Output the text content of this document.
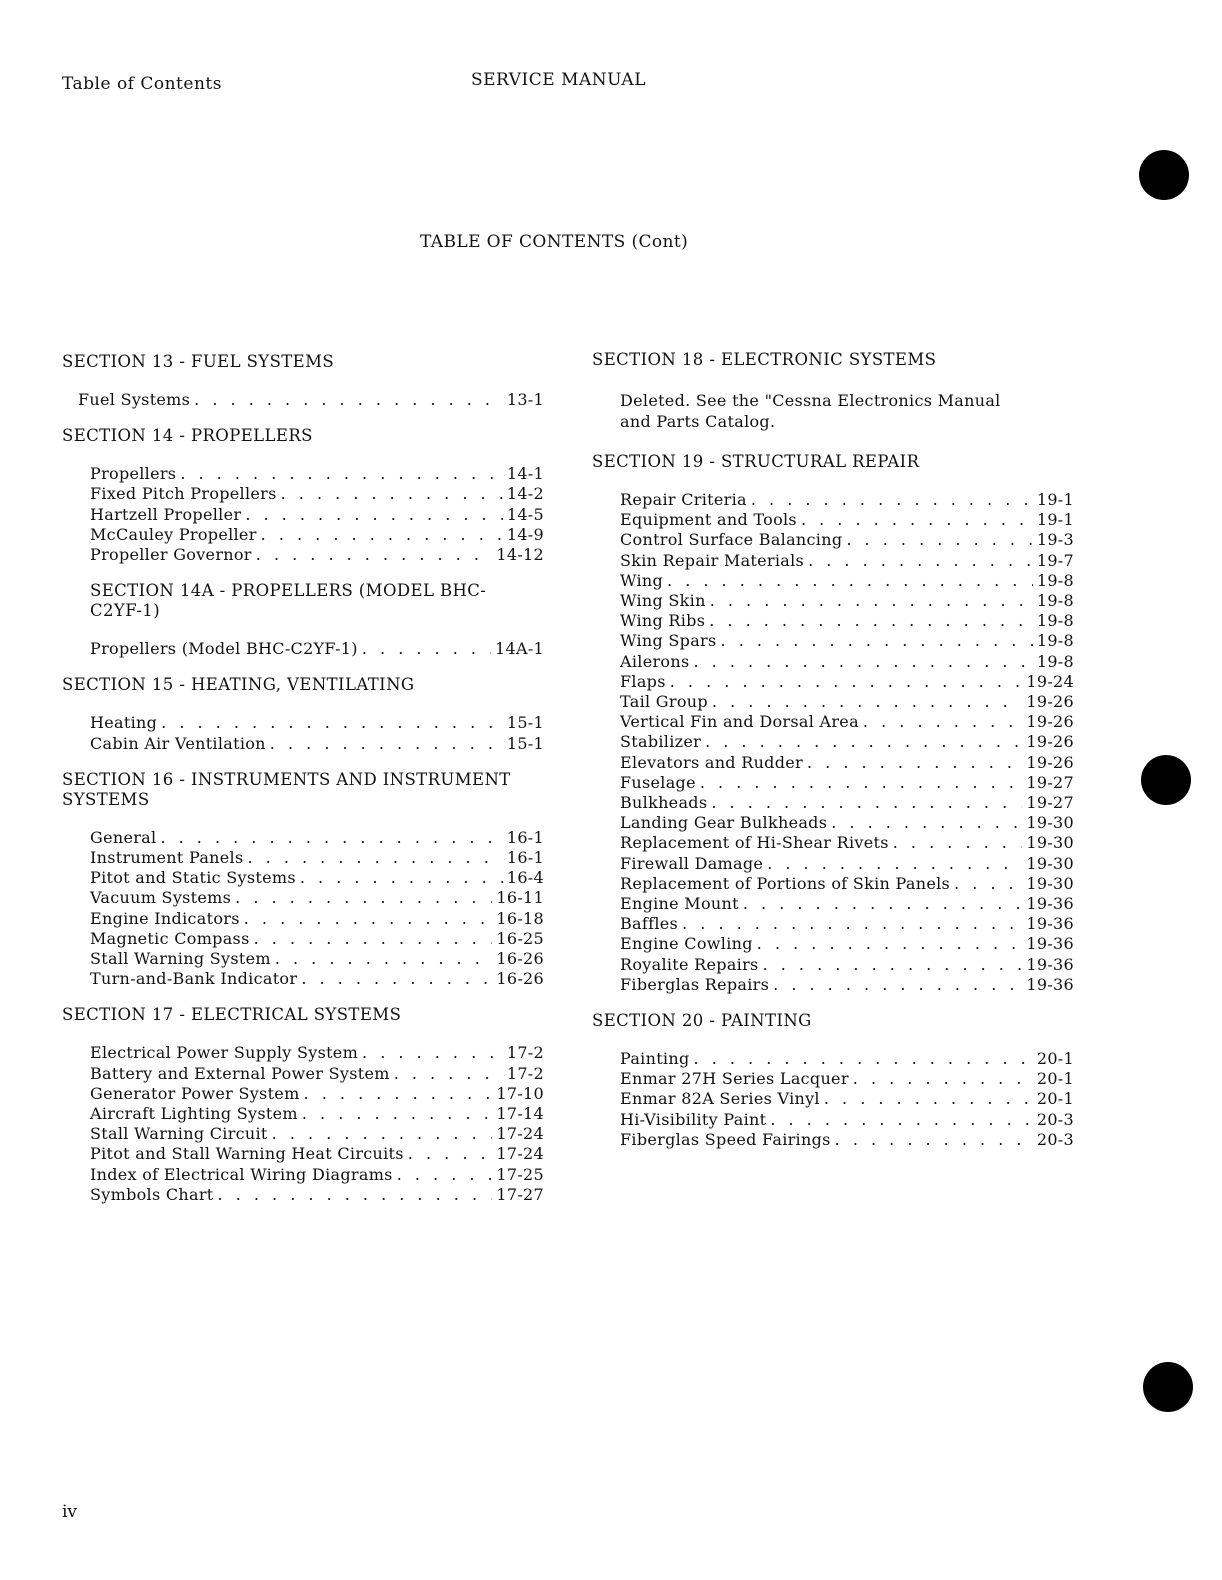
Table of Contents	SERVICE MANUAL
TABLE OF CONTENTS (Cont)
SECTION 13 - FUEL SYSTEMS
Fuel Systems . . .	13-1
SECTION 14 - PROPELLERS
Propellers . . .	14-1
Fixed Pitch Propellers . . .	14-2
Hartzell Propeller . . .	14-5
McCauley Propeller . . .	14-9
Propeller Governor . . .	14-12
SECTION 14A - PROPELLERS (MODEL BHC-
C2YF-1)
Propellers (Model BHC-C2YF-1) . . .	14A-1
SECTION 15 - HEATING, VENTILATING
Heating . . .	15-1
Cabin Air Ventilation . . .	15-1
SECTION 16 - INSTRUMENTS AND INSTRUMENT
SYSTEMS
General . . .	16-1
Instrument Panels . . .	16-1
Pitot and Static Systems . . .	16-4
Vacuum Systems . . .	16-11
Engine Indicators . . .	16-18
Magnetic Compass . . .	16-25
Stall Warning System . . .	16-26
Turn-and-Bank Indicator . . .	16-26
SECTION 17 - ELECTRICAL SYSTEMS
Electrical Power Supply System . . .	17-2
Battery and External Power System . . .	17-2
Generator Power System . . .	17-10
Aircraft Lighting System . . .	17-14
Stall Warning Circuit . . .	17-24
Pitot and Stall Warning Heat Circuits . . .	17-24
Index of Electrical Wiring Diagrams . . .	17-25
Symbols Chart . . .	17-27
SECTION 18 - ELECTRONIC SYSTEMS
Deleted. See the "Cessna Electronics Manual
and Parts Catalog.
SECTION 19 - STRUCTURAL REPAIR
Repair Criteria . . .	19-1
Equipment and Tools . . .	19-1
Control Surface Balancing . . .	19-3
Skin Repair Materials . . .	19-7
Wing . . .	19-8
Wing Skin . . .	19-8
Wing Ribs . . .	19-8
Wing Spars . . .	19-8
Ailerons . . .	19-8
Flaps . . .	19-24
Tail Group . . .	19-26
Vertical Fin and Dorsal Area . . .	19-26
Stabilizer . . .	19-26
Elevators and Rudder . . .	19-26
Fuselage . . .	19-27
Bulkheads . . .	19-27
Landing Gear Bulkheads . . .	19-30
Replacement of Hi-Shear Rivets . . .	19-30
Firewall Damage . . .	19-30
Replacement of Portions of Skin Panels . . .	19-30
Engine Mount . . .	19-36
Baffles . . .	19-36
Engine Cowling . . .	19-36
Royalite Repairs . . .	19-36
Fiberglas Repairs . . .	19-36
SECTION 20 - PAINTING
Painting . . .	20-1
Enmar 27H Series Lacquer . . .	20-1
Enmar 82A Series Vinyl . . .	20-1
Hi-Visibility Paint . . .	20-3
Fiberglas Speed Fairings . . .	20-3
iv
